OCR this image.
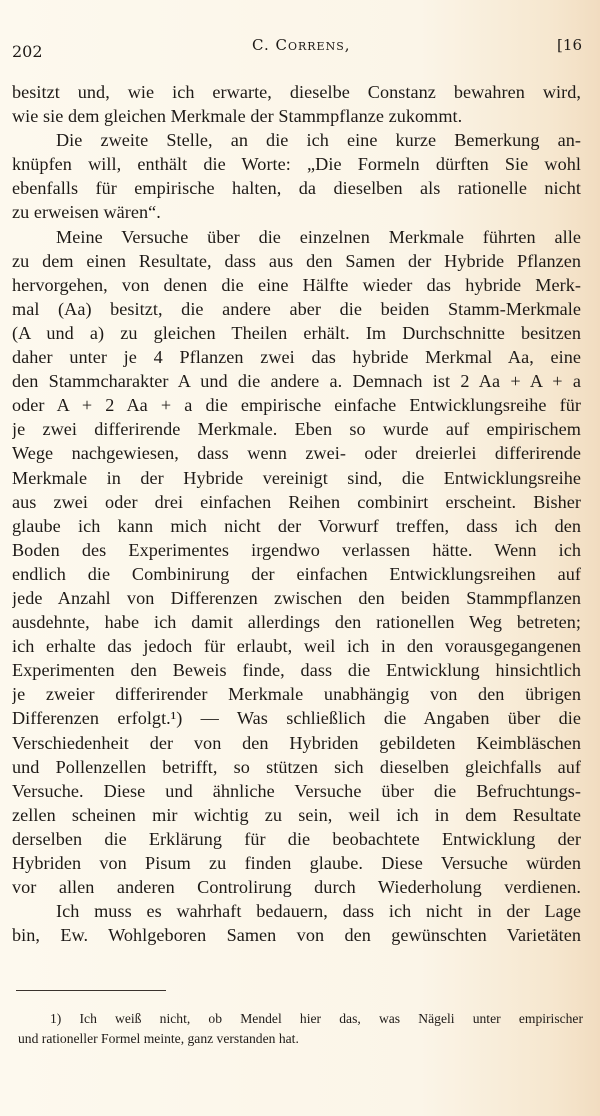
202	C. Correns,	[16
besitzt und, wie ich erwarte, dieselbe Constanz bewahren wird,
wie sie dem gleichen Merkmale der Stammpflanze zukommt.
Die zweite Stelle, an die ich eine kurze Bemerkung an-
knüpfen will, enthält die Worte: „Die Formeln dürften Sie wohl
ebenfalls für empirische halten, da dieselben als rationelle nicht
zu erweisen wären“.
Meine Versuche über die einzelnen Merkmale führten alle
zu dem einen Resultate, dass aus den Samen der Hybride Pflanzen
hervorgehen, von denen die eine Hälfte wieder das hybride Merk-
mal (Aa) besitzt, die andere aber die beiden Stamm-Merkmale
(A und a) zu gleichen Theilen erhält. Im Durchschnitte besitzen
daher unter je 4 Pflanzen zwei das hybride Merkmal Aa, eine
den Stammcharakter A und die andere a. Demnach ist 2 Aa + A + a
oder A + 2 Aa + a die empirische einfache Entwicklungsreihe für
je zwei differirende Merkmale. Eben so wurde auf empirischem
Wege nachgewiesen, dass wenn zwei- oder dreierlei differirende
Merkmale in der Hybride vereinigt sind, die Entwicklungsreihe
aus zwei oder drei einfachen Reihen combinirt erscheint. Bisher
glaube ich kann mich nicht der Vorwurf treffen, dass ich den
Boden des Experimentes irgendwo verlassen hätte. Wenn ich
endlich die Combinirung der einfachen Entwicklungsreihen auf
jede Anzahl von Differenzen zwischen den beiden Stammpflanzen
ausdehnte, habe ich damit allerdings den rationellen Weg betreten;
ich erhalte das jedoch für erlaubt, weil ich in den vorausgegangenen
Experimenten den Beweis finde, dass die Entwicklung hinsichtlich
je zweier differirender Merkmale unabhängig von den übrigen
Differenzen erfolgt.¹) — Was schließlich die Angaben über die
Verschiedenheit der von den Hybriden gebildeten Keimbläschen
und Pollenzellen betrifft, so stützen sich dieselben gleichfalls auf
Versuche. Diese und ähnliche Versuche über die Befruchtungs-
zellen scheinen mir wichtig zu sein, weil ich in dem Resultate
derselben die Erklärung für die beobachtete Entwicklung der
Hybriden von Pisum zu finden glaube. Diese Versuche würden
vor allen anderen Controlirung durch Wiederholung verdienen.
Ich muss es wahrhaft bedauern, dass ich nicht in der Lage
bin, Ew. Wohlgeboren Samen von den gewünschten Varietäten
1) Ich weiß nicht, ob Mendel hier das, was Nägeli unter empirischer
und rationeller Formel meinte, ganz verstanden hat.
